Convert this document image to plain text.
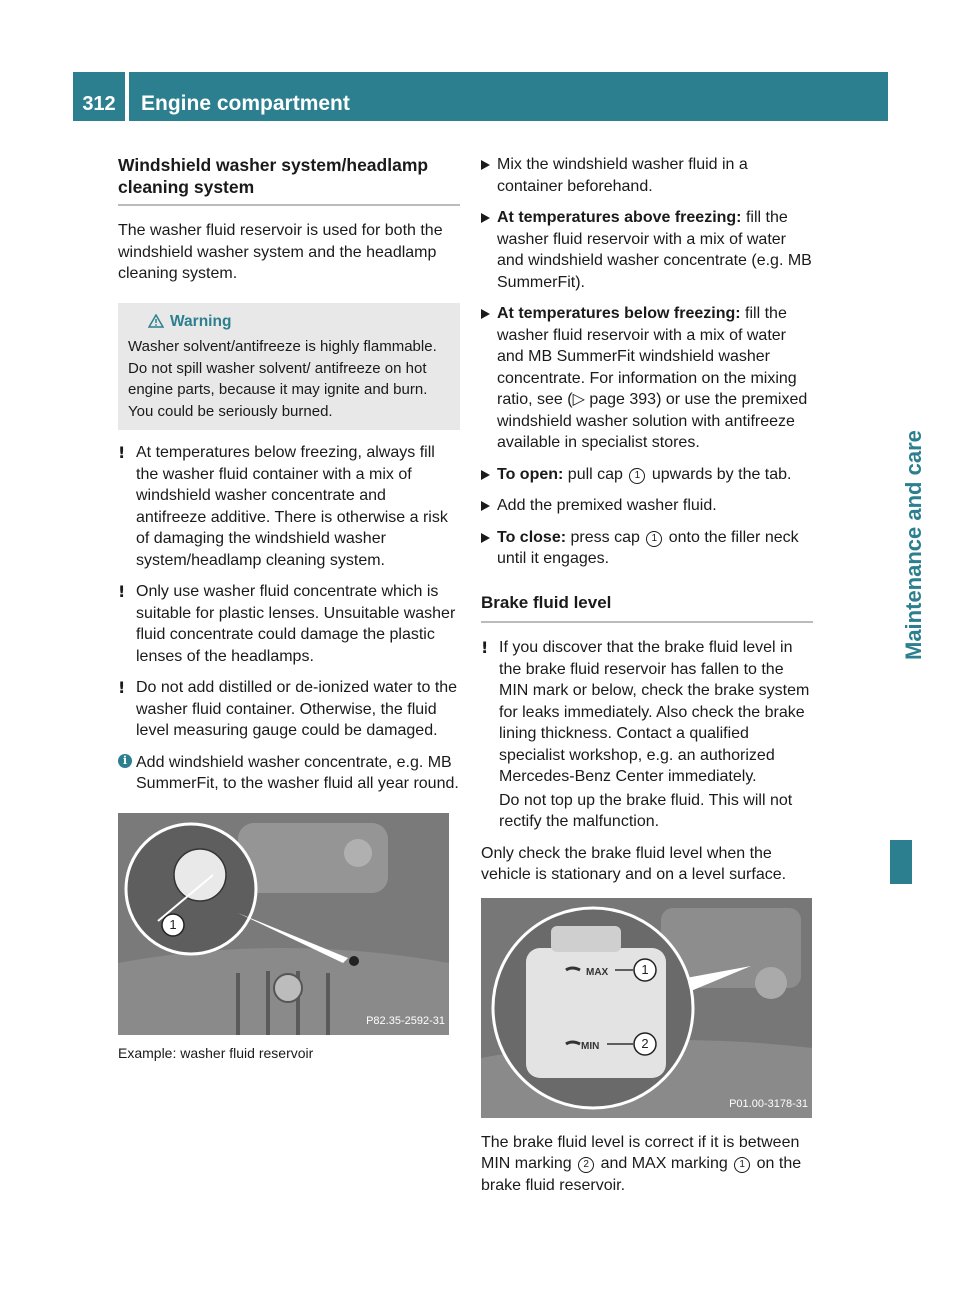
312	Engine compartment
Maintenance and care
Windshield washer system/headlamp cleaning system
The washer fluid reservoir is used for both the windshield washer system and the headlamp cleaning system.
Warning
Washer solvent/antifreeze is highly flammable. Do not spill washer solvent/ antifreeze on hot engine parts, because it may ignite and burn. You could be seriously burned.
! At temperatures below freezing, always fill the washer fluid container with a mix of windshield washer concentrate and antifreeze additive. There is otherwise a risk of damaging the windshield washer system/headlamp cleaning system.
! Only use washer fluid concentrate which is suitable for plastic lenses. Unsuitable washer fluid concentrate could damage the plastic lenses of the headlamps.
! Do not add distilled or de-ionized water to the washer fluid container. Otherwise, the fluid level measuring gauge could be damaged.
i Add windshield washer concentrate, e.g. MB SummerFit, to the washer fluid all year round.
1
P82.35-2592-31
Example: washer fluid reservoir
Mix the windshield washer fluid in a container beforehand.
At temperatures above freezing: fill the washer fluid reservoir with a mix of water and windshield washer concentrate (e.g. MB SummerFit).
At temperatures below freezing: fill the washer fluid reservoir with a mix of water and MB SummerFit windshield washer concentrate. For information on the mixing ratio, see (▷ page 393) or use the premixed windshield washer solution with antifreeze available in specialist stores.
To open: pull cap 1 upwards by the tab.
Add the premixed washer fluid.
To close: press cap 1 onto the filler neck until it engages.
Brake fluid level
! If you discover that the brake fluid level in the brake fluid reservoir has fallen to the MIN mark or below, check the brake system for leaks immediately. Also check the brake lining thickness. Contact a qualified specialist workshop, e.g. an authorized Mercedes-Benz Center immediately.
Do not top up the brake fluid. This will not rectify the malfunction.
Only check the brake fluid level when the vehicle is stationary and on a level surface.
MAX
MIN
1
2
P01.00-3178-31
The brake fluid level is correct if it is between MIN marking 2 and MAX marking 1 on the brake fluid reservoir.
